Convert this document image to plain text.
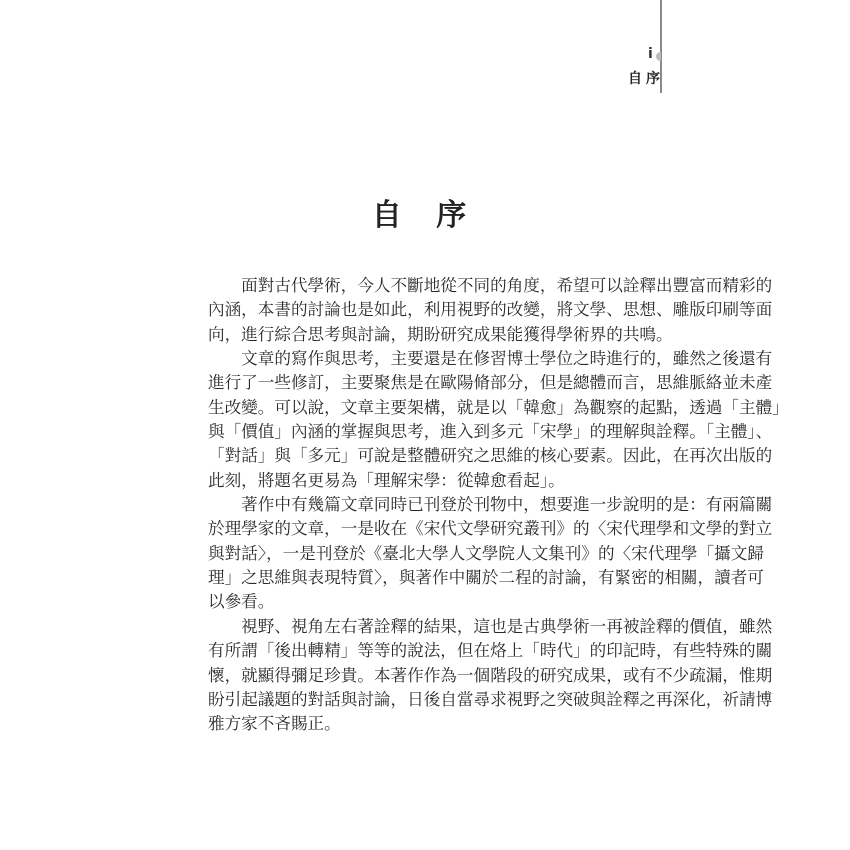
i
自序
自 序
　　面對古代學術，今人不斷地從不同的角度，希望可以詮釋出豐富而精彩的
內涵，本書的討論也是如此，利用視野的改變，將文學、思想、雕版印刷等面
向，進行綜合思考與討論，期盼研究成果能獲得學術界的共鳴。
　　文章的寫作與思考，主要還是在修習博士學位之時進行的，雖然之後還有
進行了一些修訂，主要聚焦是在歐陽脩部分，但是總體而言，思維脈絡並未產
生改變。可以說，文章主要架構，就是以「韓愈」為觀察的起點，透過「主體」
與「價值」內涵的掌握與思考，進入到多元「宋學」的理解與詮釋。「主體」、
「對話」與「多元」可說是整體研究之思維的核心要素。因此，在再次出版的
此刻，將題名更易為「理解宋學：從韓愈看起」。
　　著作中有幾篇文章同時已刊登於刊物中，想要進一步說明的是：有兩篇關
於理學家的文章，一是收在《宋代文學研究叢刊》的〈宋代理學和文學的對立
與對話〉，一是刊登於《臺北大學人文學院人文集刊》的〈宋代理學「攝文歸
理」之思維與表現特質〉，與著作中關於二程的討論，有緊密的相關，讀者可
以參看。
　　視野、視角左右著詮釋的結果，這也是古典學術一再被詮釋的價值，雖然
有所謂「後出轉精」等等的說法，但在烙上「時代」的印記時，有些特殊的關
懷，就顯得彌足珍貴。本著作作為一個階段的研究成果，或有不少疏漏，惟期
盼引起議題的對話與討論，日後自當尋求視野之突破與詮釋之再深化，祈請博
雅方家不吝賜正。
